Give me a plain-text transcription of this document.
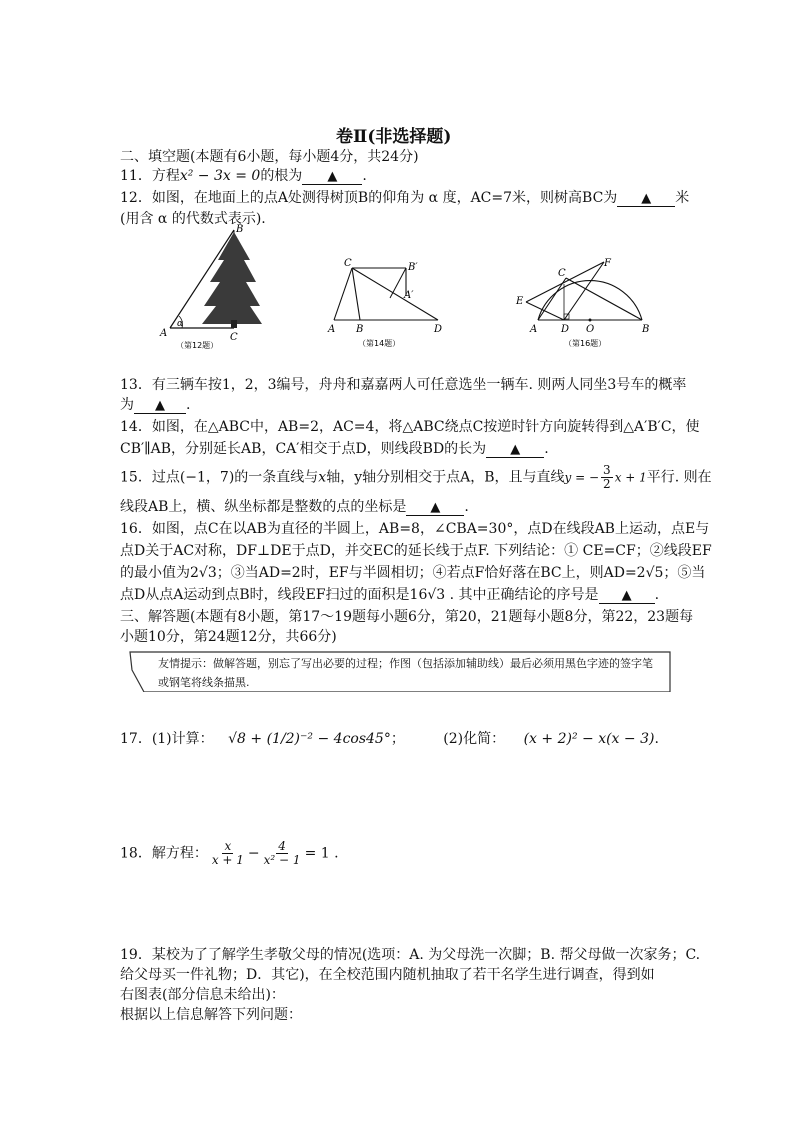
卷Ⅱ(非选择题)
二、填空题(本题有6小题，每小题4分，共24分)
11．方程x² − 3x = 0的根为 ▲ .
12．如图，在地面上的点A处测得树顶B的仰角为 α 度，AC=7米，则树高BC为 ▲ 米
(用含 α 的代数式表示).
B
A	C
α
（第12题）
C	B′
A′
A B	D
（第14题）
C
F
E
A D O	B
（第16题）
13．有三辆车按1，2，3编号，舟舟和嘉嘉两人可任意选坐一辆车. 则两人同坐3号车的概率
为 ▲ .
14．如图，在△ABC中，AB=2，AC=4，将△ABC绕点C按逆时针方向旋转得到△A′B′C，使
CB′∥AB，分别延长AB，CA′相交于点D，则线段BD的长为 ▲ .
15．过点(−1，7)的一条直线与x轴，y轴分别相交于点A，B，且与直线y = − $\frac{3}{2}$ x + 1平行. 则在
线段AB上，横、纵坐标都是整数的点的坐标是 ▲ .
16．如图，点C在以AB为直径的半圆上，AB=8，∠CBA=30°，点D在线段AB上运动，点E与
点D关于AC对称，DF⊥DE于点D，并交EC的延长线于点F. 下列结论：① CE=CF；②线段EF
的最小值为2√3；③当AD=2时，EF与半圆相切；④若点F恰好落在BC上，则AD=2√5；⑤当
点D从点A运动到点B时，线段EF扫过的面积是16√3 . 其中正确结论的序号是 ▲ .
三、解答题(本题有8小题，第17～19题每小题6分，第20，21题每小题8分，第22，23题每
小题10分，第24题12分，共66分)
友情提示：做解答题，别忘了写出必要的过程；作图（包括添加辅助线）最后必须用黑色字迹的签字笔或钢笔将线条描黑.
17．(1)计算： √8 + (1/2)⁻² − 4cos45°；	(2)化简： (x + 2)² − x(x − 3).
18．解方程： $\frac{x}{x + 1} - \frac{4}{\text{x² − 1}} = 1$ .
19．某校为了了解学生孝敬父母的情况(选项：A. 为父母洗一次脚；B. 帮父母做一次家务；C.
给父母买一件礼物；D．其它)，在全校范围内随机抽取了若干名学生进行调查，得到如
右图表(部分信息未给出)：
根据以上信息解答下列问题：
